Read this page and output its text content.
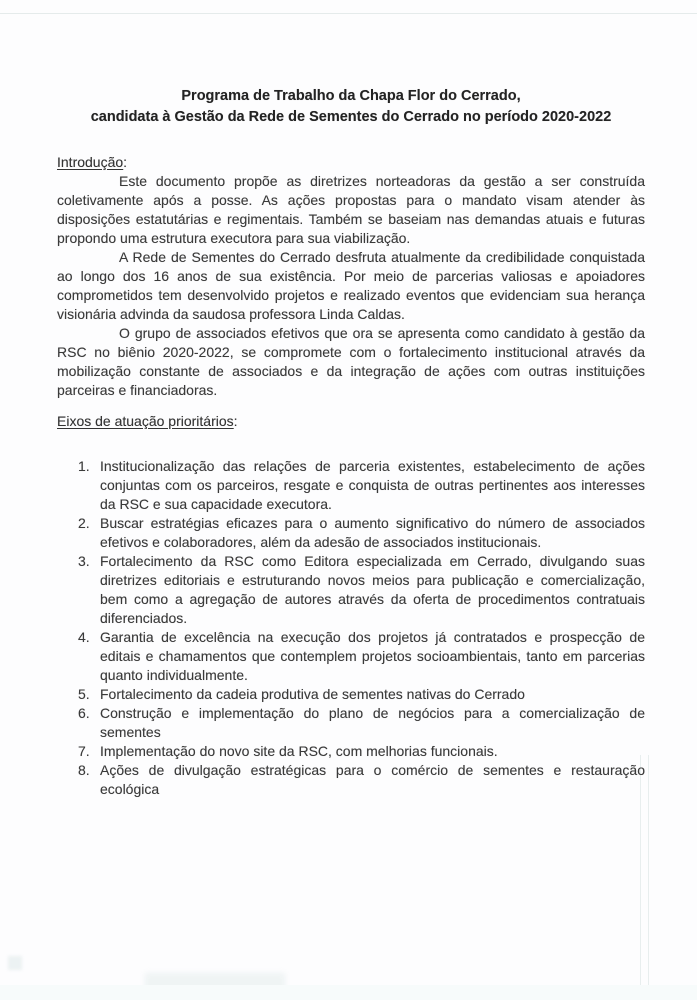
Programa de Trabalho da Chapa Flor do Cerrado,
candidata à Gestão da Rede de Sementes do Cerrado no período 2020-2022
Introdução:

Este documento propõe as diretrizes norteadoras da gestão a ser construída coletivamente após a posse. As ações propostas para o mandato visam atender às disposições estatutárias e regimentais. Também se baseiam nas demandas atuais e futuras propondo uma estrutura executora para sua viabilização.

A Rede de Sementes do Cerrado desfruta atualmente da credibilidade conquistada ao longo dos 16 anos de sua existência. Por meio de parcerias valiosas e apoiadores comprometidos tem desenvolvido projetos e realizado eventos que evidenciam sua herança visionária advinda da saudosa professora Linda Caldas.

O grupo de associados efetivos que ora se apresenta como candidato à gestão da RSC no biênio 2020-2022, se compromete com o fortalecimento institucional através da mobilização constante de associados e da integração de ações com outras instituições parceiras e financiadoras.

Eixos de atuação prioritários:
1. Institucionalização das relações de parceria existentes, estabelecimento de ações conjuntas com os parceiros, resgate e conquista de outras pertinentes aos interesses da RSC e sua capacidade executora.
2. Buscar estratégias eficazes para o aumento significativo do número de associados efetivos e colaboradores, além da adesão de associados institucionais.
3. Fortalecimento da RSC como Editora especializada em Cerrado, divulgando suas diretrizes editoriais e estruturando novos meios para publicação e comercialização, bem como a agregação de autores através da oferta de procedimentos contratuais diferenciados.
4. Garantia de excelência na execução dos projetos já contratados e prospecção de editais e chamamentos que contemplem projetos socioambientais, tanto em parcerias quanto individualmente.
5. Fortalecimento da cadeia produtiva de sementes nativas do Cerrado
6. Construção e implementação do plano de negócios para a comercialização de sementes
7. Implementação do novo site da RSC, com melhorias funcionais.
8. Ações de divulgação estratégicas para o comércio de sementes e restauração ecológica
